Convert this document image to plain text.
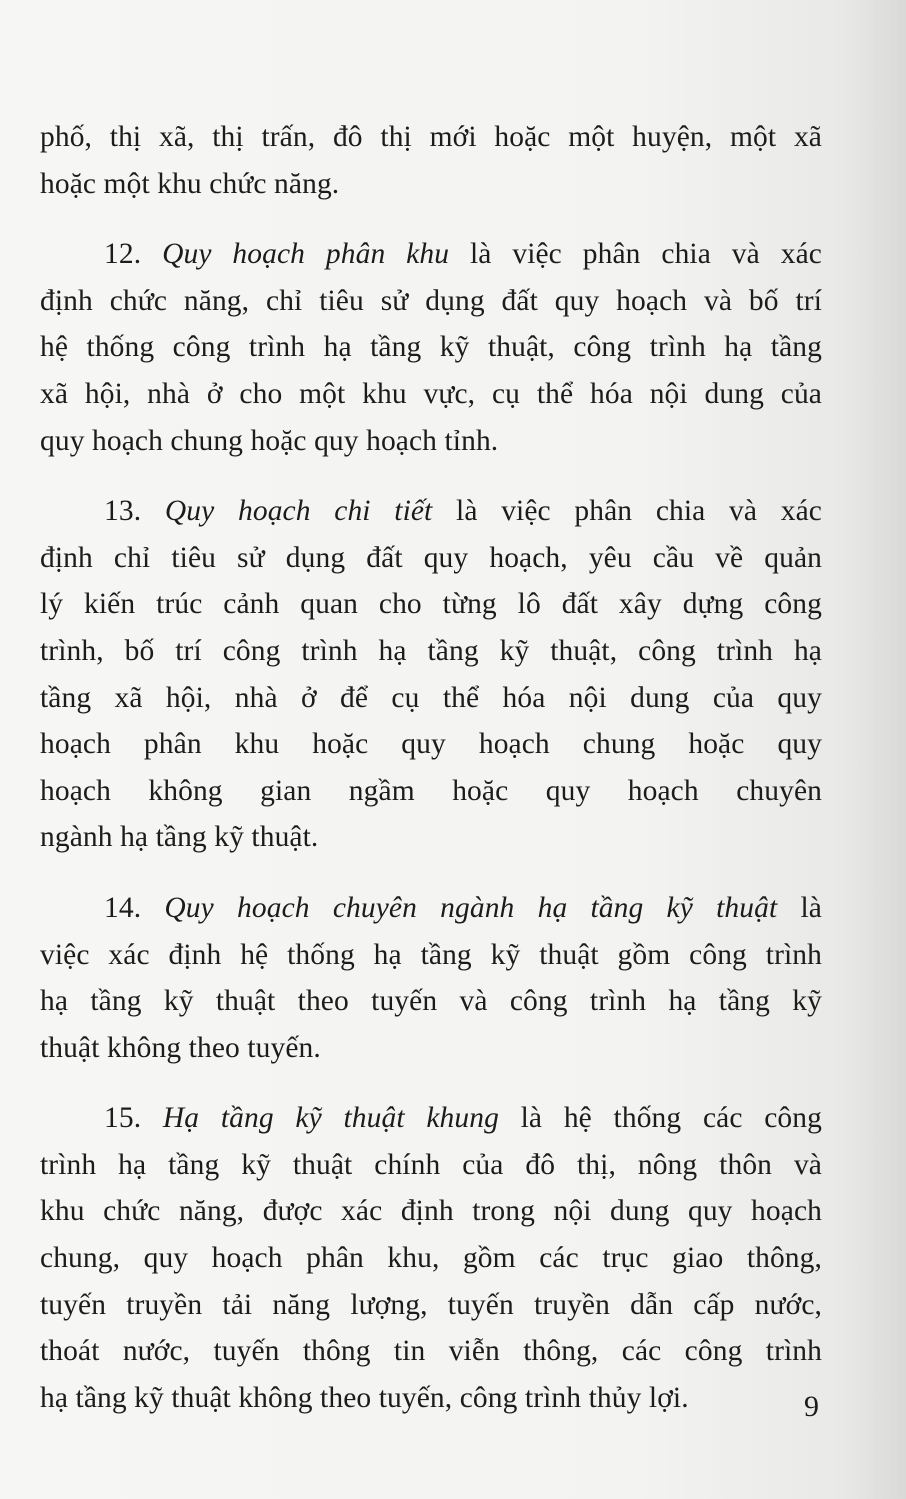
phố, thị xã, thị trấn, đô thị mới hoặc một huyện, một xã
hoặc một khu chức năng.
12. Quy hoạch phân khu là việc phân chia và xác
định chức năng, chỉ tiêu sử dụng đất quy hoạch và bố trí
hệ thống công trình hạ tầng kỹ thuật, công trình hạ tầng
xã hội, nhà ở cho một khu vực, cụ thể hóa nội dung của
quy hoạch chung hoặc quy hoạch tỉnh.
13. Quy hoạch chi tiết là việc phân chia và xác
định chỉ tiêu sử dụng đất quy hoạch, yêu cầu về quản
lý kiến trúc cảnh quan cho từng lô đất xây dựng công
trình, bố trí công trình hạ tầng kỹ thuật, công trình hạ
tầng xã hội, nhà ở để cụ thể hóa nội dung của quy
hoạch phân khu hoặc quy hoạch chung hoặc quy
hoạch không gian ngầm hoặc quy hoạch chuyên
ngành hạ tầng kỹ thuật.
14. Quy hoạch chuyên ngành hạ tầng kỹ thuật là
việc xác định hệ thống hạ tầng kỹ thuật gồm công trình
hạ tầng kỹ thuật theo tuyến và công trình hạ tầng kỹ
thuật không theo tuyến.
15. Hạ tầng kỹ thuật khung là hệ thống các công
trình hạ tầng kỹ thuật chính của đô thị, nông thôn và
khu chức năng, được xác định trong nội dung quy hoạch
chung, quy hoạch phân khu, gồm các trục giao thông,
tuyến truyền tải năng lượng, tuyến truyền dẫn cấp nước,
thoát nước, tuyến thông tin viễn thông, các công trình
hạ tầng kỹ thuật không theo tuyến, công trình thủy lợi.	9
